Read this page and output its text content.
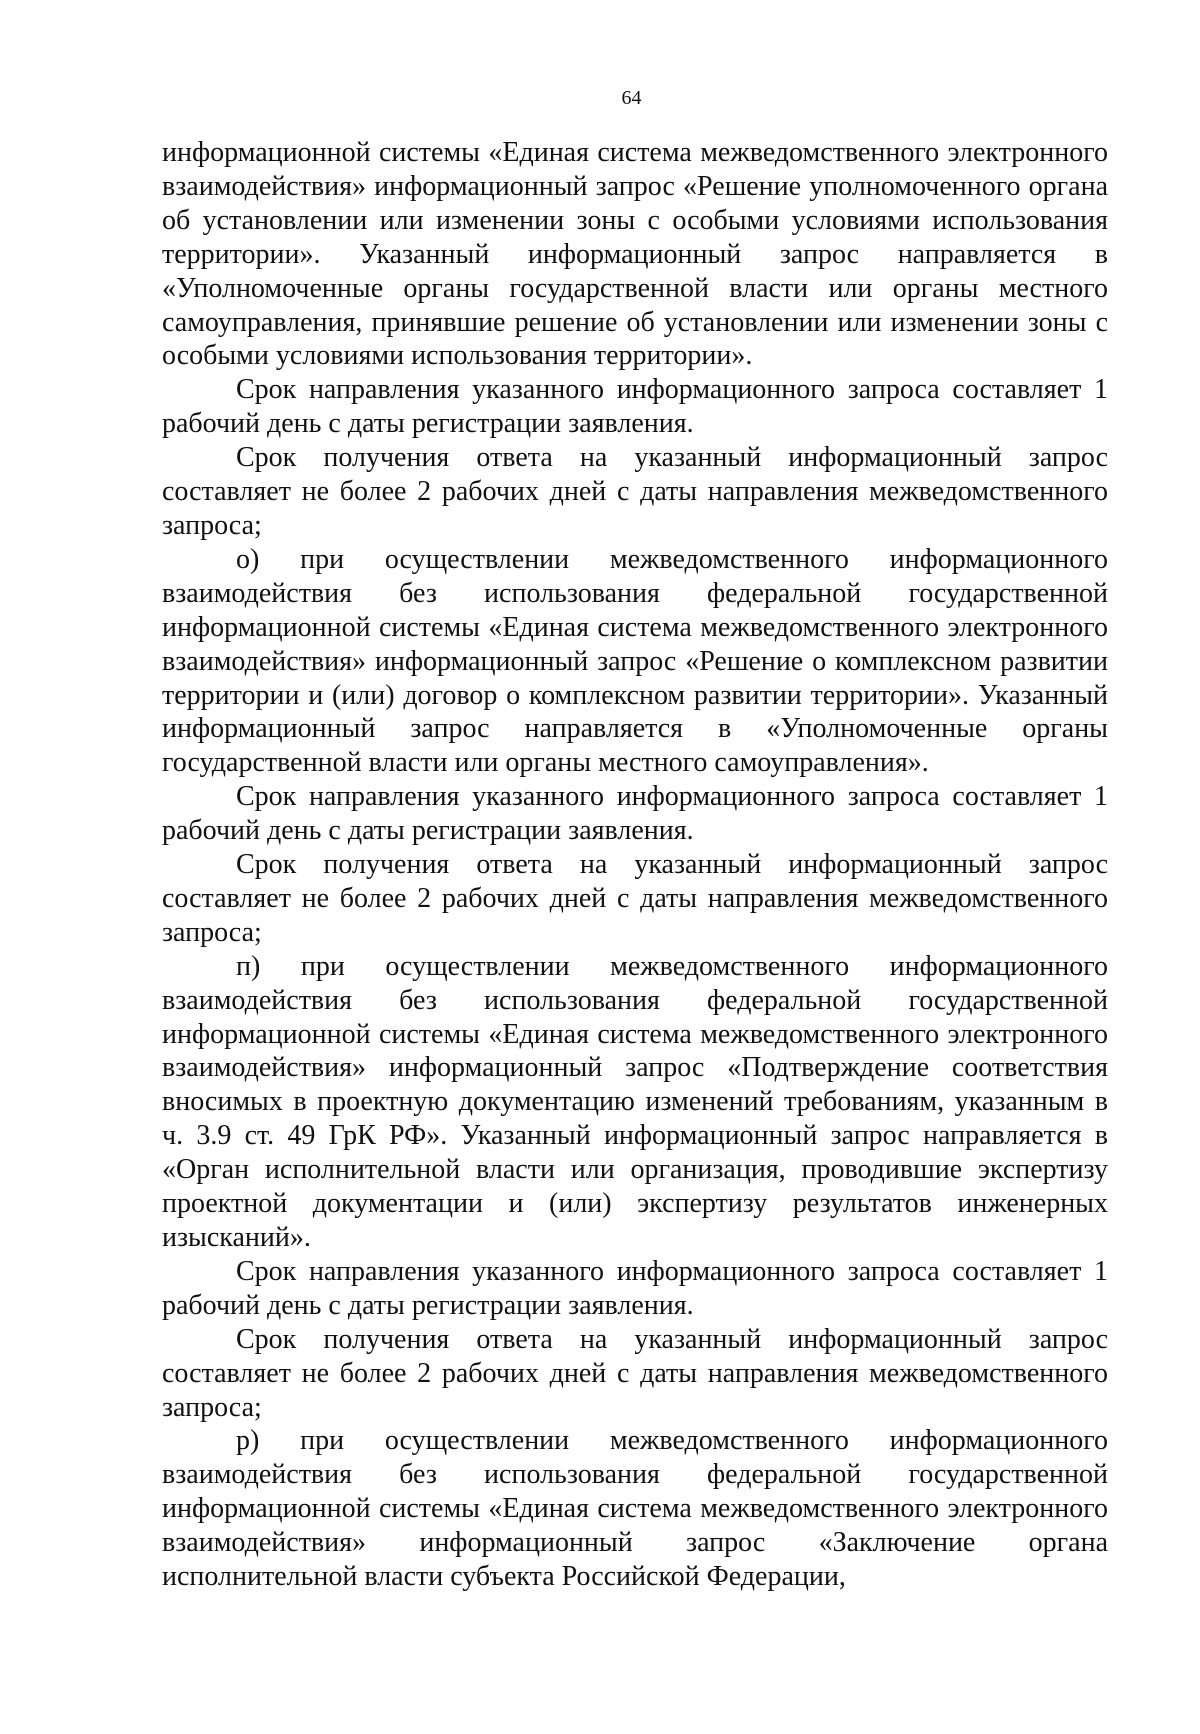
64

информационной системы «Единая система межведомственного электронного взаимодействия» информационный запрос «Решение уполномоченного органа об установлении или изменении зоны с особыми условиями использования территории». Указанный информационный запрос направляется в «Уполномоченные органы государственной власти или органы местного самоуправления, принявшие решение об установлении или изменении зоны с особыми условиями использования территории».

Срок направления указанного информационного запроса составляет 1 рабочий день с даты регистрации заявления.

Срок получения ответа на указанный информационный запрос составляет не более 2 рабочих дней с даты направления межведомственного запроса;

о) при осуществлении межведомственного информационного взаимодействия без использования федеральной государственной информационной системы «Единая система межведомственного электронного взаимодействия» информационный запрос «Решение о комплексном развитии территории и (или) договор о комплексном развитии территории». Указанный информационный запрос направляется в «Уполномоченные органы государственной власти или органы местного самоуправления».

Срок направления указанного информационного запроса составляет 1 рабочий день с даты регистрации заявления.

Срок получения ответа на указанный информационный запрос составляет не более 2 рабочих дней с даты направления межведомственного запроса;

п) при осуществлении межведомственного информационного взаимодействия без использования федеральной государственной информационной системы «Единая система межведомственного электронного взаимодействия» информационный запрос «Подтверждение соответствия вносимых в проектную документацию изменений требованиям, указанным в ч. 3.9 ст. 49 ГрК РФ». Указанный информационный запрос направляется в «Орган исполнительной власти или организация, проводившие экспертизу проектной документации и (или) экспертизу результатов инженерных изысканий».

Срок направления указанного информационного запроса составляет 1 рабочий день с даты регистрации заявления.

Срок получения ответа на указанный информационный запрос составляет не более 2 рабочих дней с даты направления межведомственного запроса;

р) при осуществлении межведомственного информационного взаимодействия без использования федеральной государственной информационной системы «Единая система межведомственного электронного взаимодействия» информационный запрос «Заключение органа исполнительной власти субъекта Российской Федерации,
